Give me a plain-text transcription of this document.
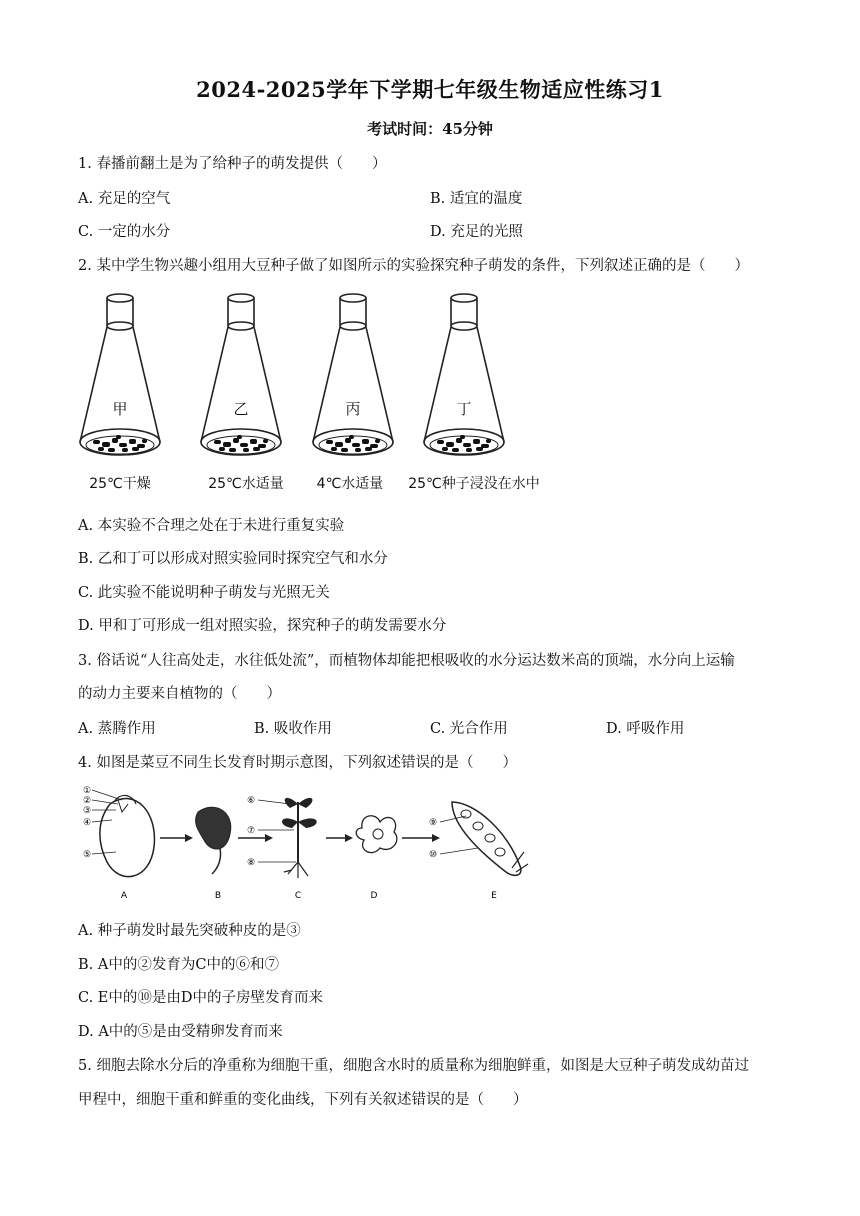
2024-2025学年下学期七年级生物适应性练习1
考试时间：45分钟
1. 春播前翻土是为了给种子的萌发提供（　　）
A. 充足的空气	B. 适宜的温度
C. 一定的水分	D. 充足的光照
2. 某中学生物兴趣小组用大豆种子做了如图所示的实验探究种子萌发的条件，下列叙述正确的是（　　）
甲
25℃干燥
乙
25℃水适量
丙
4℃水适量
丁
25℃种子浸没在水中
A. 本实验不合理之处在于未进行重复实验
B. 乙和丁可以形成对照实验同时探究空气和水分
C. 此实验不能说明种子萌发与光照无关
D. 甲和丁可形成一组对照实验，探究种子的萌发需要水分
3. 俗话说“人往高处走，水往低处流”，而植物体却能把根吸收的水分运达数米高的顶端，水分向上运输
的动力主要来自植物的（　　）
A. 蒸腾作用	B. 吸收作用	C. 光合作用	D. 呼吸作用
4. 如图是菜豆不同生长发育时期示意图，下列叙述错误的是（　　）
①
②
③
④
⑤
A	B
⑥
⑦
⑧
C	D
⑨
⑩
E
A. 种子萌发时最先突破种皮的是③
B. A中的②发育为C中的⑥和⑦
C. E中的⑩是由D中的子房壁发育而来
D. A中的⑤是由受精卵发育而来
5. 细胞去除水分后的净重称为细胞干重，细胞含水时的质量称为细胞鲜重，如图是大豆种子萌发成幼苗过
甲程中，细胞干重和鲜重的变化曲线，下列有关叙述错误的是（　　）
